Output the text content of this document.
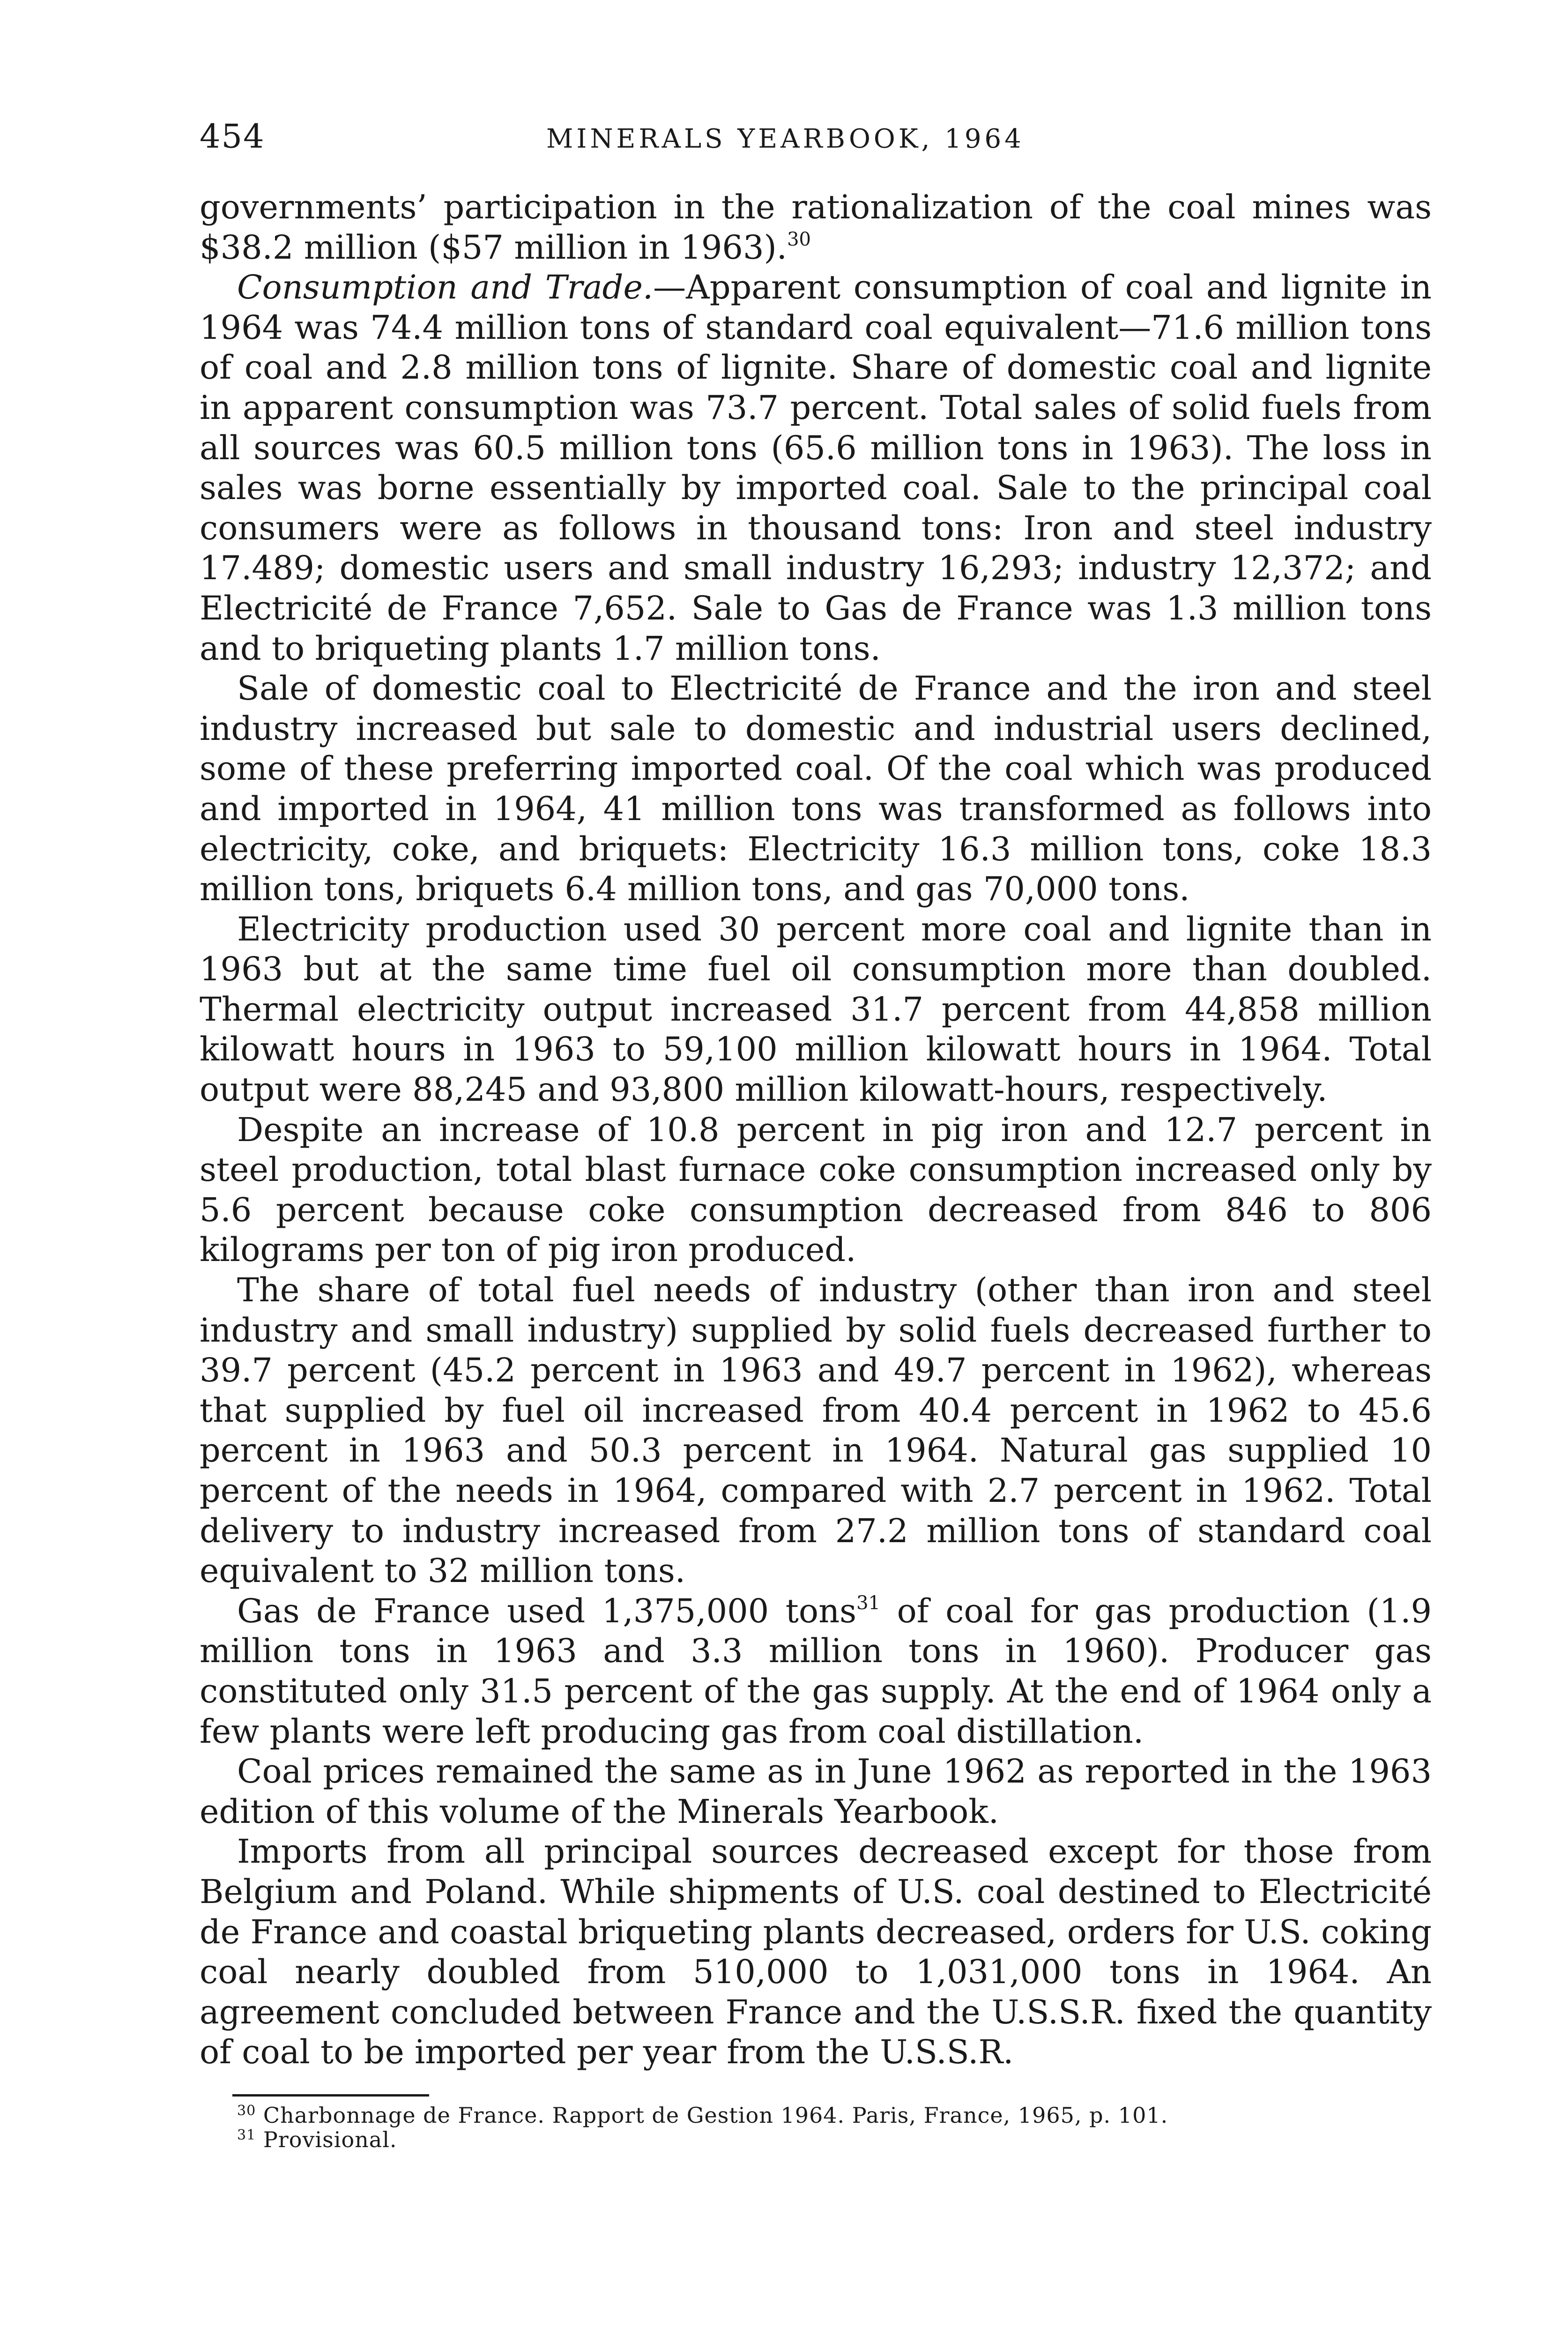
454	MINERALS YEARBOOK, 1964

governments’ participation in the rationalization of the coal mines was $38.2 million ($57 million in 1963).$^{30}$

Consumption and Trade.—Apparent consumption of coal and lignite in 1964 was 74.4 million tons of standard coal equivalent—71.6 million tons of coal and 2.8 million tons of lignite. Share of domestic coal and lignite in apparent consumption was 73.7 percent. Total sales of solid fuels from all sources was 60.5 million tons (65.6 million tons in 1963). The loss in sales was borne essentially by imported coal. Sale to the principal coal consumers were as follows in thousand tons: Iron and steel industry 17.489; domestic users and small industry 16,293; industry 12,372; and Electricité de France 7,652. Sale to Gas de France was 1.3 million tons and to briqueting plants 1.7 million tons.

Sale of domestic coal to Electricité de France and the iron and steel industry increased but sale to domestic and industrial users declined, some of these preferring imported coal. Of the coal which was produced and imported in 1964, 41 million tons was transformed as follows into electricity, coke, and briquets: Electricity 16.3 million tons, coke 18.3 million tons, briquets 6.4 million tons, and gas 70,000 tons.

Electricity production used 30 percent more coal and lignite than in 1963 but at the same time fuel oil consumption more than doubled. Thermal electricity output increased 31.7 percent from 44,858 million kilowatt hours in 1963 to 59,100 million kilowatt hours in 1964. Total output were 88,245 and 93,800 million kilowatt-hours, respectively.

Despite an increase of 10.8 percent in pig iron and 12.7 percent in steel production, total blast furnace coke consumption increased only by 5.6 percent because coke consumption decreased from 846 to 806 kilograms per ton of pig iron produced.

The share of total fuel needs of industry (other than iron and steel industry and small industry) supplied by solid fuels decreased further to 39.7 percent (45.2 percent in 1963 and 49.7 percent in 1962), whereas that supplied by fuel oil increased from 40.4 percent in 1962 to 45.6 percent in 1963 and 50.3 percent in 1964. Natural gas supplied 10 percent of the needs in 1964, compared with 2.7 percent in 1962. Total delivery to industry increased from 27.2 million tons of standard coal equivalent to 32 million tons.

Gas de France used 1,375,000 tons$^{31}$ of coal for gas production (1.9 million tons in 1963 and 3.3 million tons in 1960). Producer gas constituted only 31.5 percent of the gas supply. At the end of 1964 only a few plants were left producing gas from coal distillation.

Coal prices remained the same as in June 1962 as reported in the 1963 edition of this volume of the Minerals Yearbook.

Imports from all principal sources decreased except for those from Belgium and Poland. While shipments of U.S. coal destined to Electricité de France and coastal briqueting plants decreased, orders for U.S. coking coal nearly doubled from 510,000 to 1,031,000 tons in 1964. An agreement concluded between France and the U.S.S.R. fixed the quantity of coal to be imported per year from the U.S.S.R.

$^{30}$ Charbonnage de France. Rapport de Gestion 1964. Paris, France, 1965, p. 101.

$^{31}$ Provisional.
